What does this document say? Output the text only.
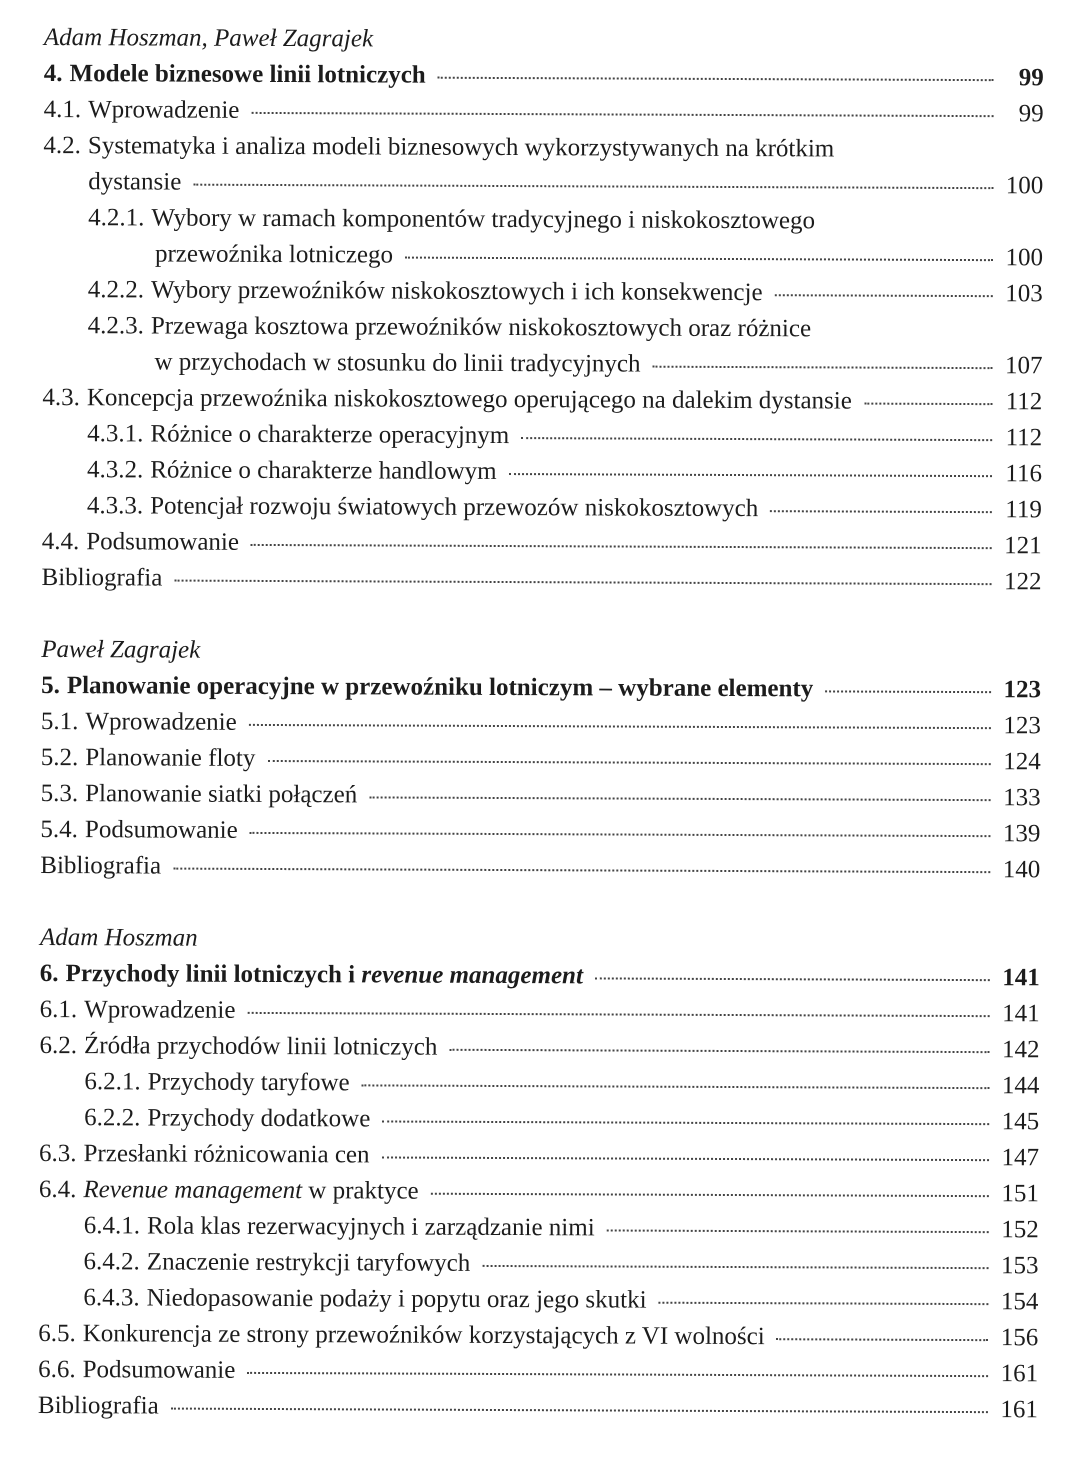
Adam Hoszman, Paweł Zagrajek
4. Modele biznesowe linii lotniczych	99
4.1. Wprowadzenie	99
4.2. Systematyka i analiza modeli biznesowych wykorzystywanych na krótkim
dystansie	100
4.2.1. Wybory w ramach komponentów tradycyjnego i niskokosztowego
przewoźnika lotniczego	100
4.2.2. Wybory przewoźników niskokosztowych i ich konsekwencje	103
4.2.3. Przewaga kosztowa przewoźników niskokosztowych oraz różnice
w przychodach w stosunku do linii tradycyjnych	107
4.3. Koncepcja przewoźnika niskokosztowego operującego na dalekim dystansie	112
4.3.1. Różnice o charakterze operacyjnym	112
4.3.2. Różnice o charakterze handlowym	116
4.3.3. Potencjał rozwoju światowych przewozów niskokosztowych	119
4.4. Podsumowanie	121
Bibliografia	122
Paweł Zagrajek
5. Planowanie operacyjne w przewoźniku lotniczym – wybrane elementy	123
5.1. Wprowadzenie	123
5.2. Planowanie floty	124
5.3. Planowanie siatki połączeń	133
5.4. Podsumowanie	139
Bibliografia	140
Adam Hoszman
6. Przychody linii lotniczych i revenue management	141
6.1. Wprowadzenie	141
6.2. Źródła przychodów linii lotniczych	142
6.2.1. Przychody taryfowe	144
6.2.2. Przychody dodatkowe	145
6.3. Przesłanki różnicowania cen	147
6.4. Revenue management w praktyce	151
6.4.1. Rola klas rezerwacyjnych i zarządzanie nimi	152
6.4.2. Znaczenie restrykcji taryfowych	153
6.4.3. Niedopasowanie podaży i popytu oraz jego skutki	154
6.5. Konkurencja ze strony przewoźników korzystających z VI wolności	156
6.6. Podsumowanie	161
Bibliografia	161
